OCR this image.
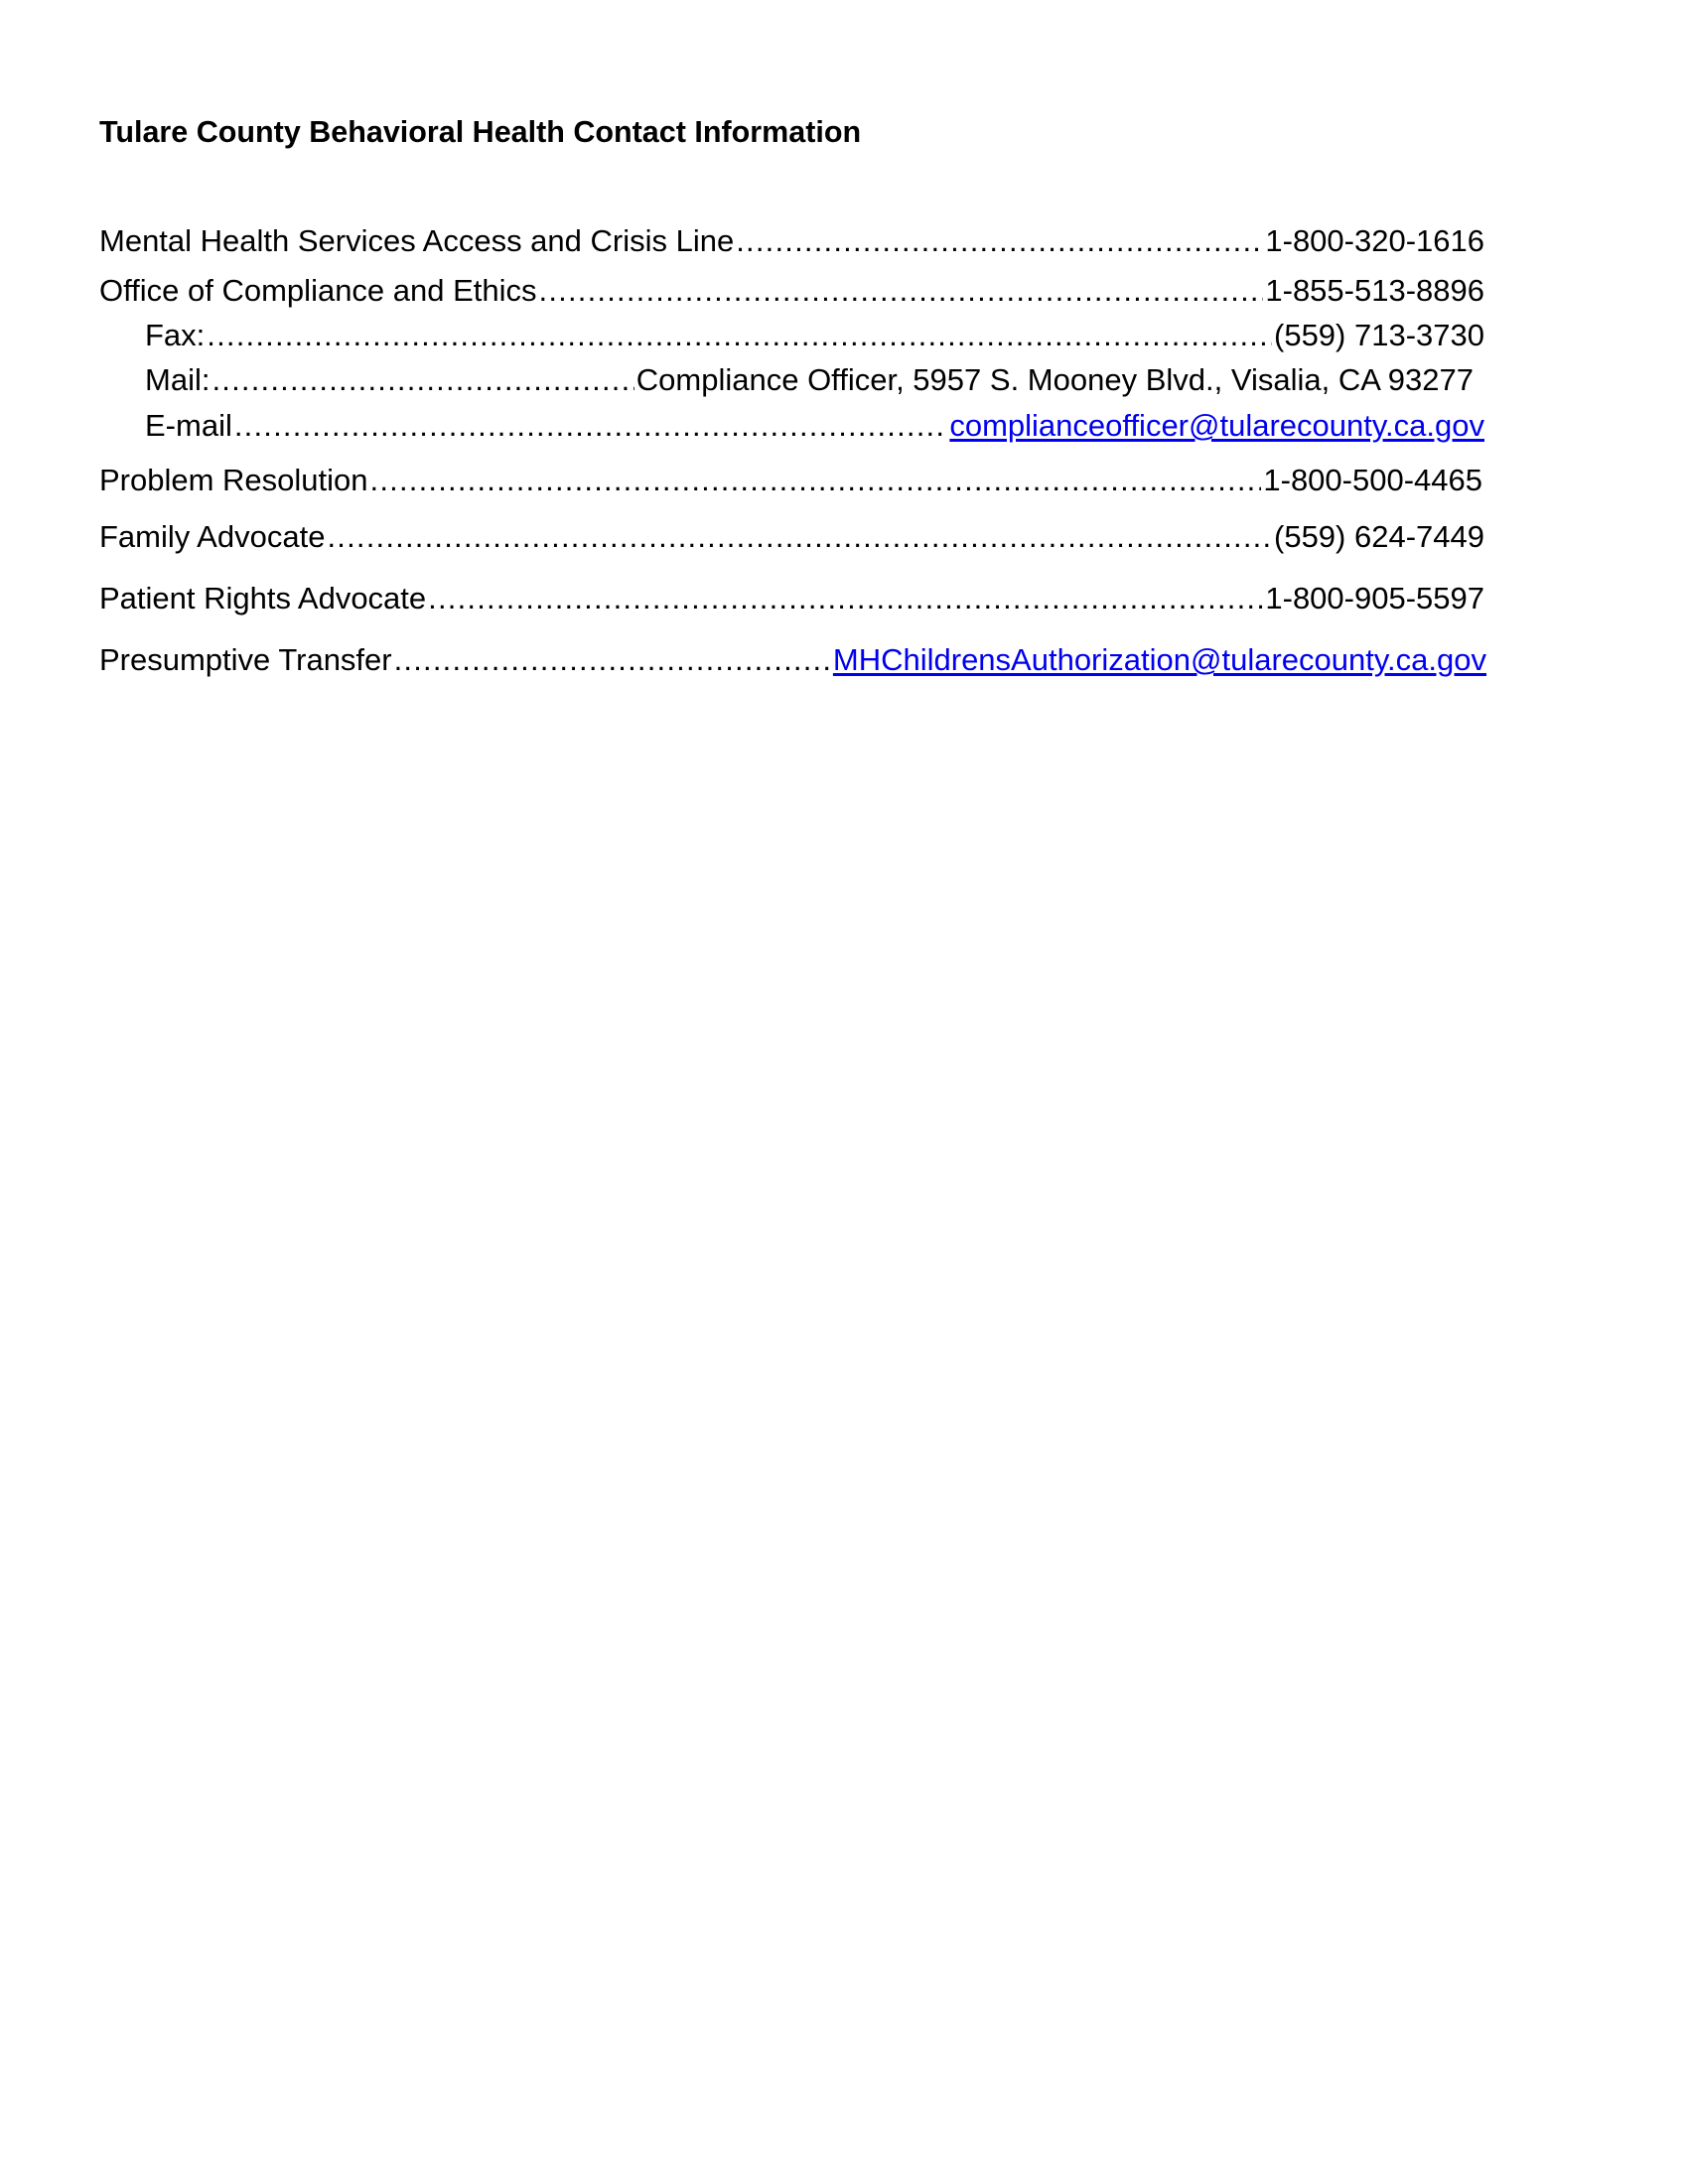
Tulare County Behavioral Health Contact Information
Mental Health Services Access and Crisis Line .....	1-800-320-1616
Office of Compliance and Ethics .....	1-855-513-8896
Fax: .....	(559) 713-3730
Mail: .....	Compliance Officer, 5957 S. Mooney Blvd., Visalia, CA 93277
E-mail .....	complianceofficer@tularecounty.ca.gov
Problem Resolution .....	1-800-500-4465
Family Advocate .....	(559) 624-7449
Patient Rights Advocate .....	1-800-905-5597
Presumptive Transfer .....	MHChildrensAuthorization@tularecounty.ca.gov
